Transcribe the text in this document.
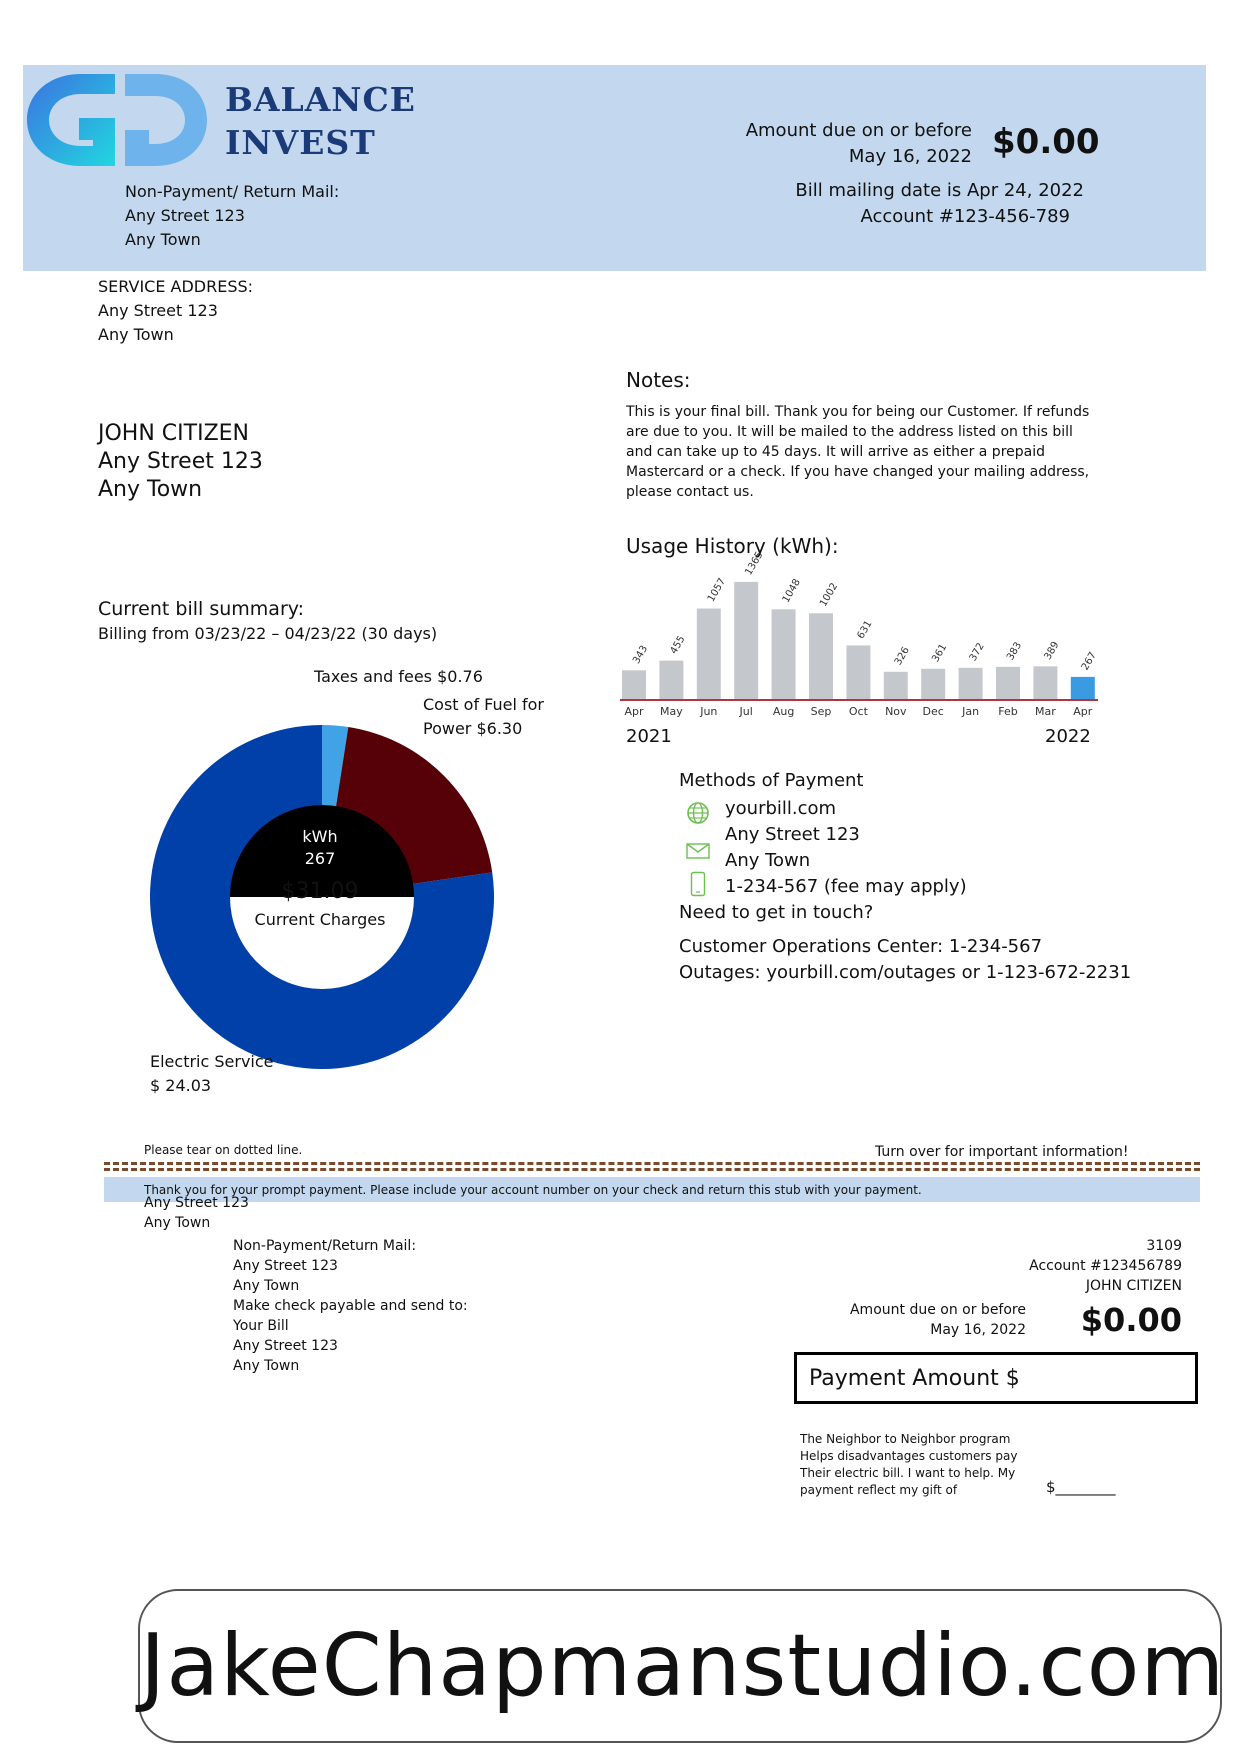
BALANCE
INVEST
Non-Payment/ Return Mail:
Any Street 123
Any Town
Amount due on or before
May 16, 2022 $0.00
Bill mailing date is Apr 24, 2022
Account #123-456-789
SERVICE ADDRESS:
Any Street 123
Any Town
JOHN CITIZEN
Any Street 123
Any Town
Notes:
This is your final bill. Thank you for being our Customer. If refunds
are due to you. It will be mailed to the address listed on this bill
and can take up to 45 days. It will arrive as either a prepaid
Mastercard or a check. If you have changed your mailing address,
please contact us.
Usage History (kWh):
343
Apr
455
May
1057
Jun
1365
Jul
1048
Aug
1002
Sep
631
Oct
326
Nov
361
Dec
372
Jan
383
Feb
389
Mar
267
Apr
2021	2022
Current bill summary:
Billing from 03/23/22 – 04/23/22 (30 days)
Taxes and fees $0.76
Cost of Fuel for
Power $6.30
Electric Service
$ 24.03
kWh
267
$31.09
Current Charges
Methods of Payment
yourbill.com
Any Street 123
Any Town
1-234-567 (fee may apply)
Need to get in touch?
Customer Operations Center: 1-234-567
Outages: yourbill.com/outages or 1-123-672-2231
Please tear on dotted line.	Turn over for important information!
Thank you for your prompt payment. Please include your account number on your check and return this stub with your payment.
Any Street 123
Any Town
Non-Payment/Return Mail:
Any Street 123
Any Town
Make check payable and send to:
Your Bill
Any Street 123
Any Town
3109
Account #123456789
JOHN CITIZEN
Amount due on or before
May 16, 2022	$0.00
Payment Amount $
The Neighbor to Neighbor program
Helps disadvantages customers pay
Their electric bill. I want to help. My
payment reflect my gift of	$________
JakeChapmanstudio.com
